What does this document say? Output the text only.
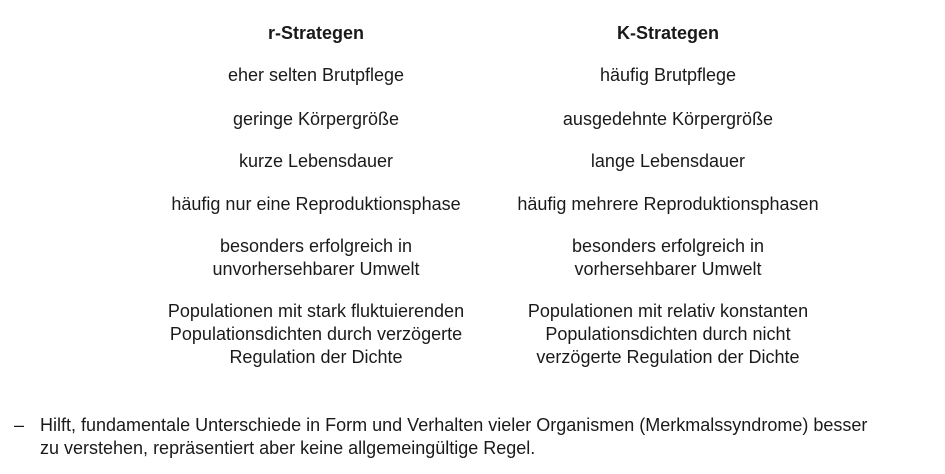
r-Strategen
eher selten Brutpflege
geringe Körpergröße
kurze Lebensdauer
häufig nur eine Reproduktionsphase
besonders erfolgreich in
unvorhersehbarer Umwelt
Populationen mit stark fluktuierenden
Populationsdichten durch verzögerte
Regulation der Dichte
K-Strategen
häufig Brutpflege
ausgedehnte Körpergröße
lange Lebensdauer
häufig mehrere Reproduktionsphasen
besonders erfolgreich in
vorhersehbarer Umwelt
Populationen mit relativ konstanten
Populationsdichten durch nicht
verzögerte Regulation der Dichte
– Hilft, fundamentale Unterschiede in Form und Verhalten vieler Organismen (Merkmalssyndrome) besser
zu verstehen, repräsentiert aber keine allgemeingültige Regel.
